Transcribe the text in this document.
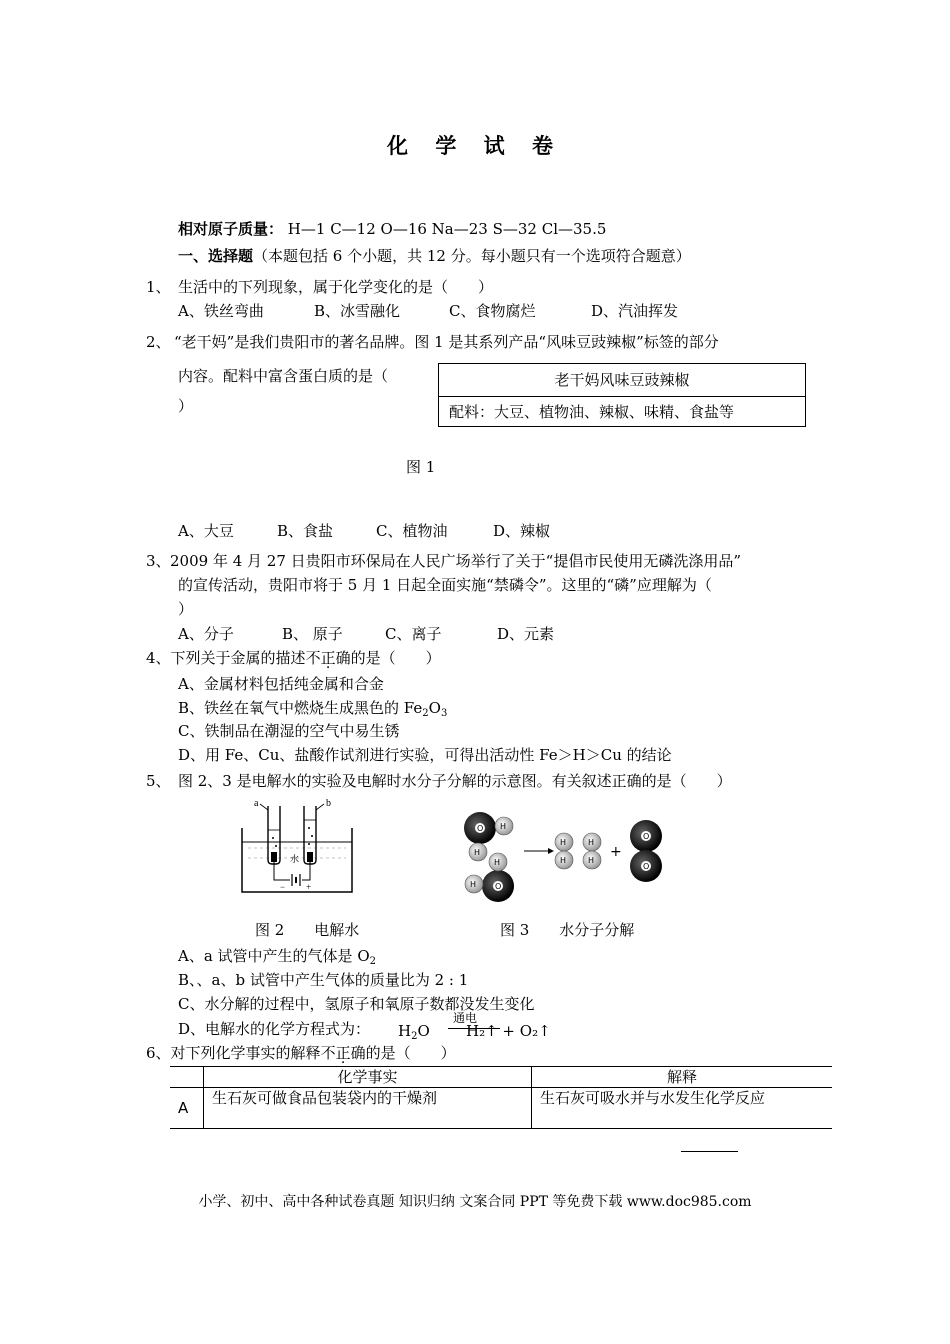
化 学 试 卷
相对原子质量： H—1 C—12 O—16 Na—23 S—32 Cl—35.5
一、选择题（本题包括 6 个小题，共 12 分。每小题只有一个选项符合题意）
1、 生活中的下列现象，属于化学变化的是（　　）
A、铁丝弯曲	B、冰雪融化	C、食物腐烂	D、汽油挥发
2、 “老干妈”是我们贵阳市的著名品牌。图 1 是其系列产品“风味豆豉辣椒”标签的部分
内容。配料中富含蛋白质的是（
）
老干妈风味豆豉辣椒
配料：大豆、植物油、辣椒、味精、食盐等
图 1
A、大豆	B、食盐	C、植物油	D、辣椒
3、 2009 年 4 月 27 日贵阳市环保局在人民广场举行了关于“提倡市民使用无磷洗涤用品”
的宣传活动，贵阳市将于 5 月 1 日起全面实施“禁磷令”。这里的“磷”应理解为（
）
A、分子	B、 原子	C、离子	D、元素
4、下列关于金属的描述不正确的是（　　）
A、金属材料包括纯金属和合金
B、铁丝在氧气中燃烧生成黑色的 $Fe_2O_3$
C、铁制品在潮湿的空气中易生锈
D、用 Fe、Cu、盐酸作试剂进行实验，可得出活动性 Fe＞H＞Cu 的结论
5、 图 2、3 是电解水的实验及电解时水分子分解的示意图。有关叙述正确的是（　　）
a	b
水
− +
O H
H
O
H
H
H
H
H
H
+
O
O
图 2　　电解水	图 3　　水分子分解
A、a 试管中产生的气体是 $O_2$
B、、a、b 试管中产生气体的质量比为 2 : 1
C、水分解的过程中，氢原子和氧原子数都没发生变化
D、电解水的化学方程式为： $H_2O$
通电
H₂↑ + O₂↑
6、对下列化学事实的解释不正确的是（　　）
	化学事实	解释
A	生石灰可做食品包装袋内的干燥剂	生石灰可吸水并与水发生化学反应
小学、初中、高中各种试卷真题 知识归纳 文案合同 PPT 等免费下载 www.doc985.com
